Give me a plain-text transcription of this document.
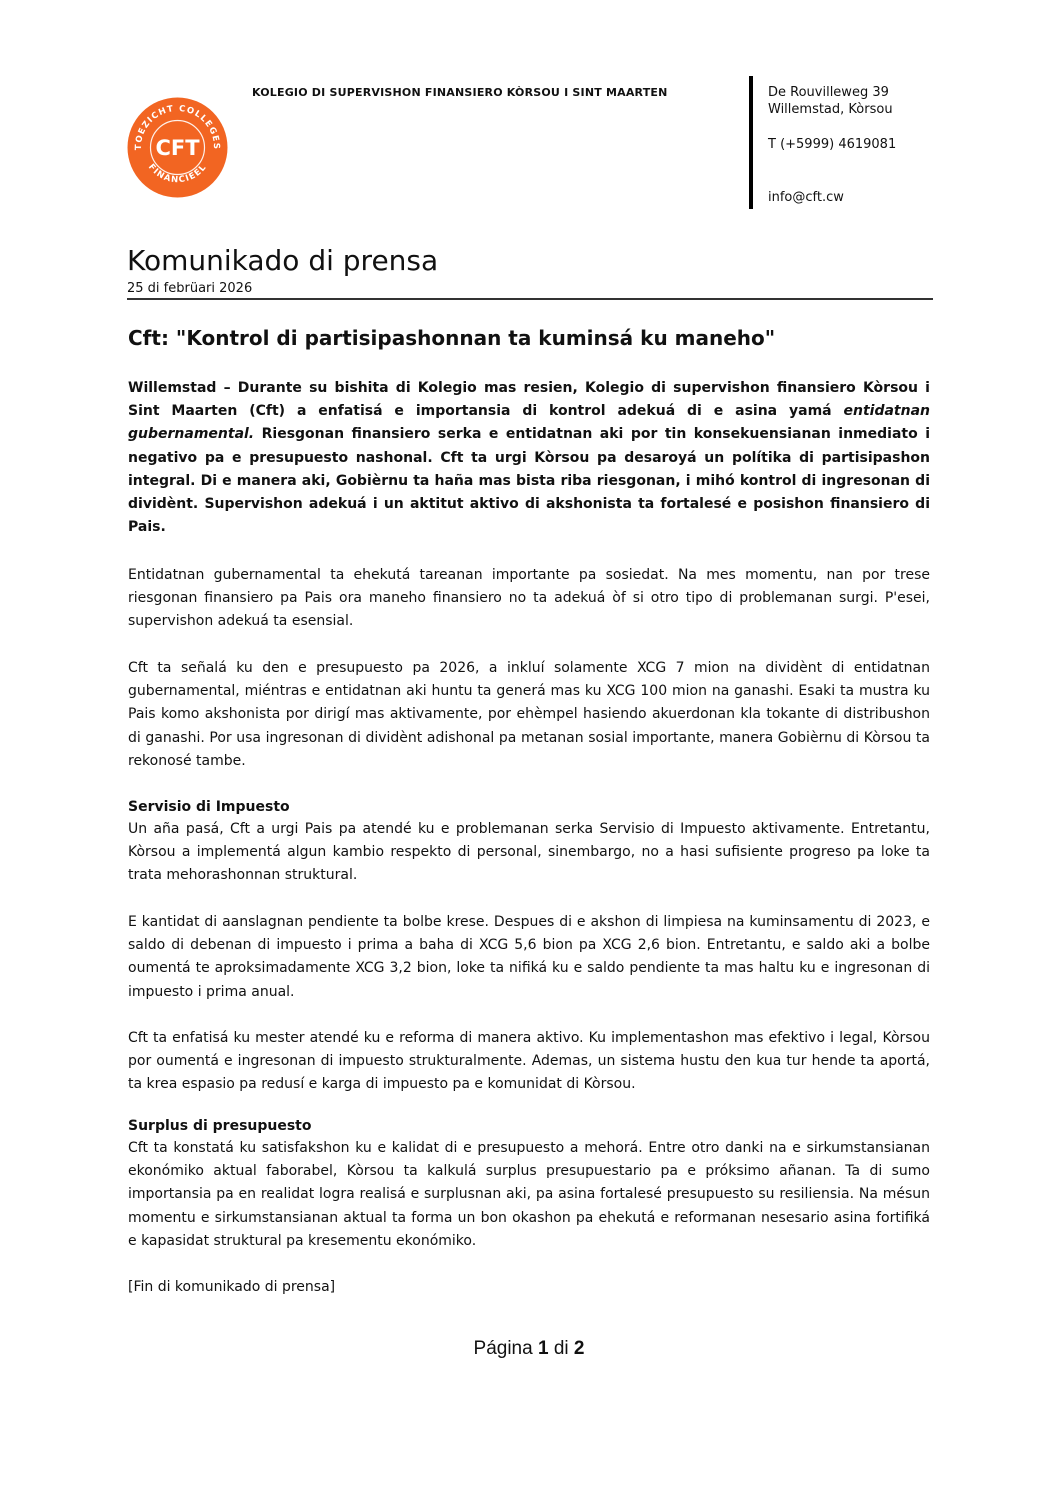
TOEZICHT COLLEGES
FINANCIEEL
CFT
KOLEGIO DI SUPERVISHON FINANSIERO KÒRSOU I SINT MAARTEN	De Rouvilleweg 39
Willemstad, Kòrsou
T (+5999) 4619081
info@cft.cw
Komunikado di prensa
25 di febrüari 2026
Cft: "Kontrol di partisipashonnan ta kuminsá ku maneho"

Willemstad – Durante su bishita di Kolegio mas resien, Kolegio di supervishon finansiero Kòrsou i Sint Maarten (Cft) a enfatisá e importansia di kontrol adekuá di e asina yamá entidatnan gubernamental. Riesgonan finansiero serka e entidatnan aki por tin konsekuensianan inmediato i negativo pa e presupuesto nashonal. Cft ta urgi Kòrsou pa desaroyá un polítika di partisipashon integral. Di e manera aki, Gobièrnu ta haña mas bista riba riesgonan, i mihó kontrol di ingresonan di dividènt. Supervishon adekuá i un aktitut aktivo di akshonista ta fortalesé e posishon finansiero di Pais.

Entidatnan gubernamental ta ehekutá tareanan importante pa sosiedat. Na mes momentu, nan por trese riesgonan finansiero pa Pais ora maneho finansiero no ta adekuá òf si otro tipo di problemanan surgi. P'esei, supervishon adekuá ta esensial.

Cft ta señalá ku den e presupuesto pa 2026, a inkluí solamente XCG 7 mion na dividènt di entidatnan gubernamental, miéntras e entidatnan aki huntu ta generá mas ku XCG 100 mion na ganashi. Esaki ta mustra ku Pais komo akshonista por dirigí mas aktivamente, por ehèmpel hasiendo akuerdonan kla tokante di distribushon di ganashi. Por usa ingresonan di dividènt adishonal pa metanan sosial importante, manera Gobièrnu di Kòrsou ta rekonosé tambe.

Servisio di Impuesto

Un aña pasá, Cft a urgi Pais pa atendé ku e problemanan serka Servisio di Impuesto aktivamente. Entretantu, Kòrsou a implementá algun kambio respekto di personal, sinembargo, no a hasi sufisiente progreso pa loke ta trata mehorashonnan struktural.

E kantidat di aanslagnan pendiente ta bolbe krese. Despues di e akshon di limpiesa na kuminsamentu di 2023, e saldo di debenan di impuesto i prima a baha di XCG 5,6 bion pa XCG 2,6 bion. Entretantu, e saldo aki a bolbe oumentá te aproksimadamente XCG 3,2 bion, loke ta nifiká ku e saldo pendiente ta mas haltu ku e ingresonan di impuesto i prima anual.

Cft ta enfatisá ku mester atendé ku e reforma di manera aktivo. Ku implementashon mas efektivo i legal, Kòrsou por oumentá e ingresonan di impuesto strukturalmente. Ademas, un sistema hustu den kua tur hende ta aportá, ta krea espasio pa redusí e karga di impuesto pa e komunidat di Kòrsou.

Surplus di presupuesto

Cft ta konstatá ku satisfakshon ku e kalidat di e presupuesto a mehorá. Entre otro danki na e sirkumstansianan ekonómiko aktual faborabel, Kòrsou ta kalkulá surplus presupuestario pa e próksimo añanan. Ta di sumo importansia pa en realidat logra realisá e surplusnan aki, pa asina fortalesé presupuesto su resiliensia. Na mésun momentu e sirkumstansianan aktual ta forma un bon okashon pa ehekutá e reformanan nesesario asina fortifiká e kapasidat struktural pa kresementu ekonómiko.

[Fin di komunikado di prensa]

Página 1 di 2
